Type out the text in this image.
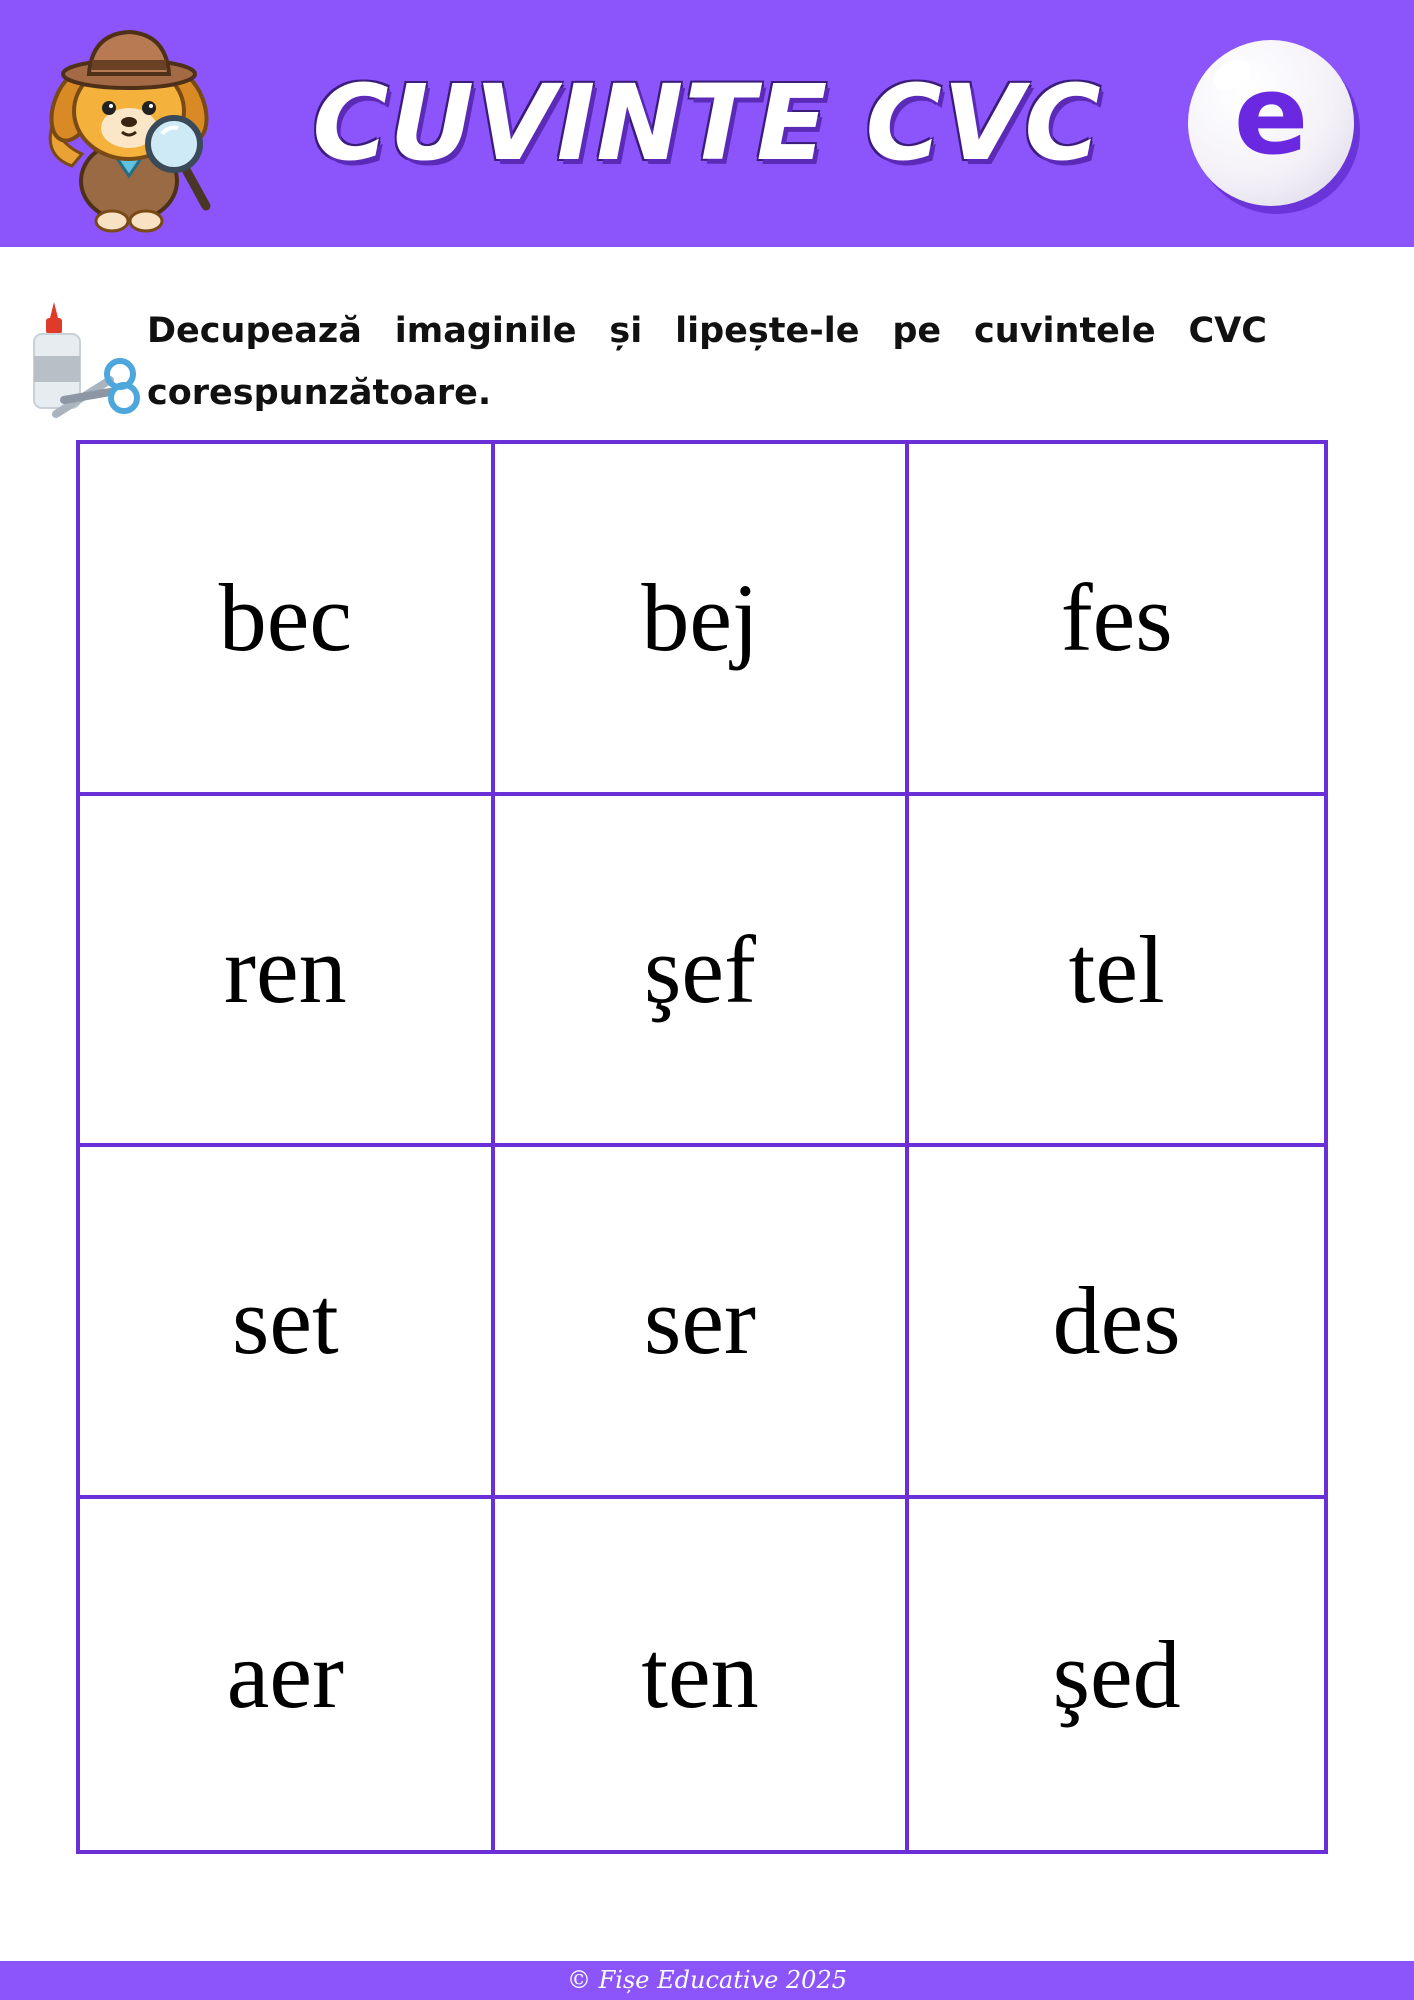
CUVINTE CVC	e
Decupează imaginile și lipește-le pe cuvintele CVC corespunzătoare.
bec	bej	fes
ren	şef	tel
set	ser	des
aer	ten	şed
© Fișe Educative 2025
